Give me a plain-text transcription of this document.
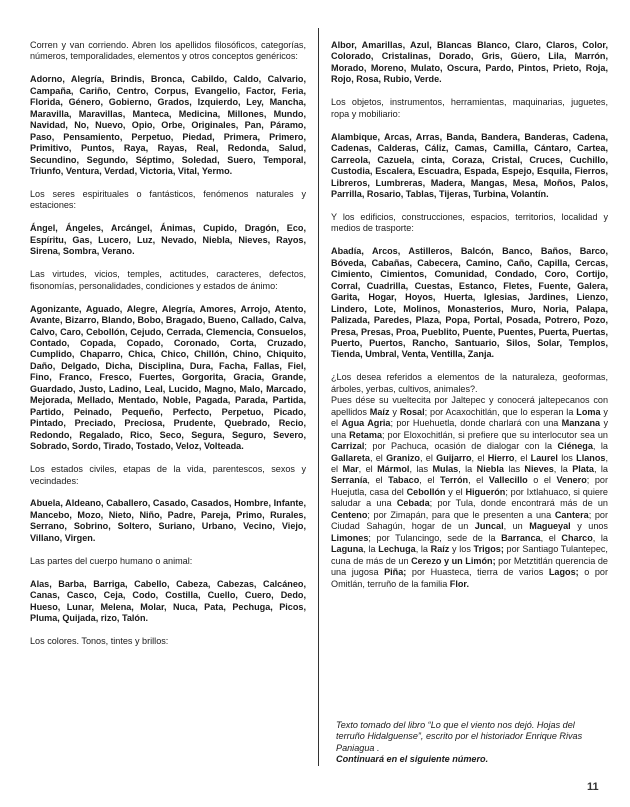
Corren y van corriendo. Abren los apellidos filosóficos, categorías, números, temporalidades, elementos y otros conceptos genéricos:

Adorno, Alegría, Brindis, Bronca, Cabildo, Caldo, Calvario, Campaña, Cariño, Centro, Corpus, Evangelio, Factor, Feria, Florida, Género, Gobierno, Grados, Izquierdo, Ley, Mancha, Maravilla, Maravillas, Manteca, Medicina, Millones, Mundo, Navidad, No, Nuevo, Opio, Orbe, Originales, Pan, Páramo, Paso, Pensamiento, Perpetuo, Piedad, Primera, Primero, Primitivo, Puntos, Raya, Rayas, Real, Redonda, Salud, Secundino, Segundo, Séptimo, Soledad, Suero, Temporal, Triunfo, Ventura, Verdad, Victoria, Vital, Yermo.

Los seres espirituales o fantásticos, fenómenos naturales y estaciones:

Ángel, Ángeles, Arcángel, Ánimas, Cupido, Dragón, Eco, Espíritu, Gas, Lucero, Luz, Nevado, Niebla, Nieves, Rayos, Sirena, Sombra, Verano.

Las virtudes, vicios, temples, actitudes, caracteres, defectos, fisonomías, personalidades, condiciones y estados de ánimo:

Agonizante, Aguado, Alegre, Alegría, Amores, Arrojo, Atento, Avante, Bizarro, Blando, Bobo, Bragado, Bueno, Callado, Calva, Calvo, Caro, Cebollón, Cejudo, Cerrada, Clemencia, Consuelos, Contado, Copada, Copado, Coronado, Corta, Cruzado, Cumplido, Chaparro, Chica, Chico, Chillón, Chino, Chiquito, Daño, Delgado, Dicha, Disciplina, Dura, Facha, Fallas, Fiel, Fino, Franco, Fresco, Fuertes, Gorgorita, Gracia, Grande, Guardado, Justo, Ladino, Leal, Lucido, Magno, Malo, Marcado, Mejorada, Mellado, Mentado, Noble, Pagada, Parada, Partida, Partido, Peinado, Pequeño, Perfecto, Perpetuo, Picado, Pintado, Preciado, Preciosa, Prudente, Quebrado, Recio, Redondo, Regalado, Rico, Seco, Segura, Seguro, Severo, Sobrado, Sordo, Tirado, Tostado, Veloz, Volteada.

Los estados civiles, etapas de la vida, parentescos, sexos y vecindades:

Abuela, Aldeano, Caballero, Casado, Casados, Hombre, Infante, Mancebo, Mozo, Nieto, Niño, Padre, Pareja, Primo, Rurales, Serrano, Sobrino, Soltero, Suriano, Urbano, Vecino, Viejo, Villano, Virgen.

Las partes del cuerpo humano o animal:

Alas, Barba, Barriga, Cabello, Cabeza, Cabezas, Calcáneo, Canas, Casco, Ceja, Codo, Costilla, Cuello, Cuero, Dedo, Hueso, Lunar, Melena, Molar, Nuca, Pata, Pechuga, Picos, Pluma, Quijada, rizo, Talón.

Los colores. Tonos, tintes y brillos:

Albor, Amarillas, Azul, Blancas Blanco, Claro, Claros, Color, Colorado, Cristalinas, Dorado, Gris, Güero, Lila, Marrón, Morado, Moreno, Mulato, Oscura, Pardo, Pintos, Prieto, Roja, Rojo, Rosa, Rubio, Verde.

Los objetos, instrumentos, herramientas, maquinarias, juguetes, ropa y mobiliario:

Alambique, Arcas, Arras, Banda, Bandera, Banderas, Cadena, Cadenas, Calderas, Cáliz, Camas, Camilla, Cántaro, Cartea, Carreola, Cazuela, cinta, Coraza, Cristal, Cruces, Cuchillo, Custodia, Escalera, Escuadra, Espada, Espejo, Esquila, Fierros, Libreros, Lumbreras, Madera, Mangas, Mesa, Moños, Palos, Parrilla, Rosario, Tablas, Tijeras, Turbina, Volantín.

Y los edificios, construcciones, espacios, territorios, localidad y medios de trasporte:

Abadía, Arcos, Astilleros, Balcón, Banco, Baños, Barco, Bóveda, Cabañas, Cabecera, Camino, Caño, Capilla, Cercas, Cimiento, Cimientos, Comunidad, Condado, Coro, Cortijo, Corral, Cuadrilla, Cuestas, Estanco, Fletes, Fuente, Galera, Garita, Hogar, Hoyos, Huerta, Iglesias, Jardines, Lienzo, Lindero, Lote, Molinos, Monasterios, Muro, Noria, Palapa, Palizada, Paredes, Plaza, Popa, Portal, Posada, Potrero, Pozo, Presa, Presas, Proa, Pueblito, Puente, Puentes, Puerta, Puertas, Puerto, Puertos, Rancho, Santuario, Silos, Solar, Templos, Tienda, Umbral, Venta, Ventilla, Zanja.

¿Los desea referidos a elementos de la naturaleza, geoformas, árboles, yerbas, cultivos, animales?.

Pues dése su vueltecita por Jaltepec y conocerá jaltepecanos con apellidos Maíz y Rosal; por Acaxochitlán, que lo esperan la Loma y el Agua Agria; por Huehuetla, donde charlará con una Manzana y una Retama; por Eloxochitlán, si prefiere que su interlocutor sea un Carrizal; por Pachuca, ocasión de dialogar con la Ciénega, la Gallareta, el Granizo, el Guijarro, el Hierro, el Laurel los Llanos, el Mar, el Mármol, las Mulas, la Niebla las Nieves, la Plata, la Serranía, el Tabaco, el Terrón, el Vallecillo o el Venero; por Huejutla, casa del Cebollón y el Higuerón; por Ixtlahuaco, si quiere saludar a una Cebada; por Tula, donde encontrará más de un Centeno; por Zimapán, para que le presenten a una Cantera; por Ciudad Sahagún, hogar de un Juncal, un Magueyal y unos Limones; por Tulancingo, sede de la Barranca, el Charco, la Laguna, la Lechuga, la Raíz y los Trigos; por Santiago Tulantepec, cuna de más de un Cerezo y un Limón; por Metztitlán querencia de una jugosa Piña; por Huasteca, tierra de varios Lagos; o por Omitlán, terruño de la familia Flor.

Texto tomado del libro “Lo que el viento nos dejó. Hojas del terruño Hidalguense”, escrito por el historiador Enrique Rivas Paniagua .
Continuará en el siguiente número.
11
